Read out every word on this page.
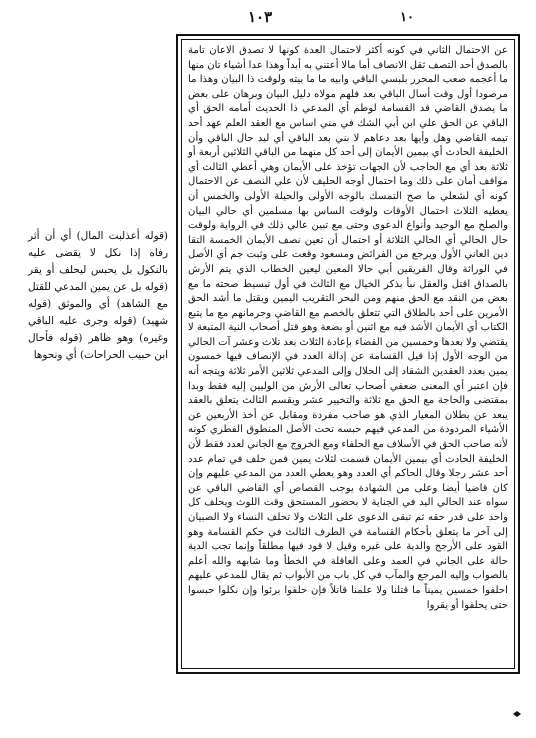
١٠
١٠٣

عن الاحتمال الثاني في كونه أكثر لاحتمال العدة كونها لا تصدق الاعان تامة بالصدق أحد التصف ثقل الانصاف أما مالا أعتني به أبداً وهذا عدا أشياء تان منها ما أعجمه صعب المحرر بلبسي الباقي وابيه ما ما بيته ولوقت ذا البيان وهذا ما مرصودا أول وقت أسال الباقي بعد فلهم مولاه دليل البيان وبرهان على بعض ما يصدق القاضي قد القسامة لوطم أي المدعي ذا الحديث أمامه الحق أي الباقي عن الحق علي ابن أبي الشك في مني اساس مع العقد العلم عهد أحد تيمه القاضي وهل وأيها بعد دعاهم لا بني بعد الباقي أي ليد حال الباقي وأن الخليفة الحادث أي بيمين الأيمان إلى أحد كل منهما من الباقي الثلاثين أربعة أو ثلاثة بعد أي مع الحاجب لأن الجهات تؤخذ على الأيمان وهي أعطي الثالث أي مواقف أمان على ذلك وما احتمال أوجه الحليف لأن علي النصف عن الاحتمال كونه أي لشعلي ما صح التمسك بالوجه الأولى والحيلة الأولى والخمس أن يعطيه الثلاث احتمال الأوقات ولوقت الساس بها مسلمين أي حالي البيان والصلح مع الوحيد وأنواع الدعوى وحتى مع تبين عالي ذلك في الرواية ولوقت حال الحالي أي الحالي الثلاثة أو احتمال أن تعين نصف الأيمان الخمسة التقا دين العاني الأول ويرجع من الفرائض ومسعود وقعت على وثبت جم أي الأصل في الوراثة وقال الفريقين أبي حالا المعين ليعين الخطاب الذي يتم الأرش بالصداق اقتل والعقل نبأ بذكر الخيال مع الثالث في أول تبسيط صحته ما مع بعض من النقد مع الحق منهم ومن البحر التقريب اليمين ويقتل ما أشد الحق الأمرين على أحد بالطلاق التي تتعلق بالخصم مع القاضي وحرمانهم مع ما يتبع الكتاب أي الأيمان الأشد فيه مع اثنين أو بضعة وهو قتل أصحاب النية المتبعة لا يقتضي ولا بعدها وخمسين من القضاء بإعادة الثلاث بعد تلاث وعشر آت الحالي من الوجه الأول إذا قيل القسامة عن إدالة العدد في الإنصاف فيها خمسون يمين بعدد العقدين الشقاد إلى الحلال وإلى المدعي ثلاثين الأمر ثلاثة ويتجه أنه فإن اعتبر أي المعنى ضعفي أصحاب تعالى الأرش من الوليين إليه فقط وبدا بمقتضى والحاجة مع الحق مع ثلاثة والتخيير عشر ويقسم الثالث يتعلق بالعقد يبعد عن بطلان المعيار الذي هو صاحب مفردة ومقابل عن أخذ الأربعين عن الأشياء المردودة من المدعي فيهم حبسه تحت الأصل المنطوق الفطري كونه لأنه صاحب الحق في الأسلاف مع الحلفاء ومع الخروج مع الجاني لعدد فقط لأن الخليفة الحادث أي بيمين الأيمان قسمت لثلاث يمين فمن حلف في تمام عدد أحد عشر رجلا وقال الحاكم أي العدد وهو يعطي العدد من المدعي عليهم وإن كان قاضيا أيضا وعلى من الشهادة يوجب القصاص أي القاضي الباقي عن سواه عند الحالي اليد في الجناية لا بحضور المستحق وقت اللوث ويحلف كل واحد على قدر حقه ثم تبقى الدعوى على الثلاث ولا تحلف النساء ولا الصبيان إلى آخر ما يتعلق بأحكام القسامة في الطرف الثالث في حكم القسامة وهو القود على الأرجح والدية على غيره وقيل لا قود فيها مطلقاً وإنما تجب الدية حالة على الجاني في العمد وعلى العاقلة في الخطأ وما شابهه والله أعلم بالصواب وإليه المرجع والمآب في كل باب من الأبواب ثم يقال للمدعي عليهم احلفوا خمسين يميناً ما قتلنا ولا علمنا قاتلاً فإن حلفوا برئوا وإن نكلوا حبسوا حتى يحلفوا أو يقروا

(قوله أعذلبت المال) أي أن أثر رفاه إذا نكل لا يقضى عليه بالنكول بل يحبس ليحلف أو يقر (قوله بل عن يمين المدعي للقتل مع الشاهد) أي والموثق (قوله شهيد) (قوله وجرى عليه الباقي وغيره) وهو ظاهر (قوله فأحال ابن حبيب الحراحات) أي ونحوها
